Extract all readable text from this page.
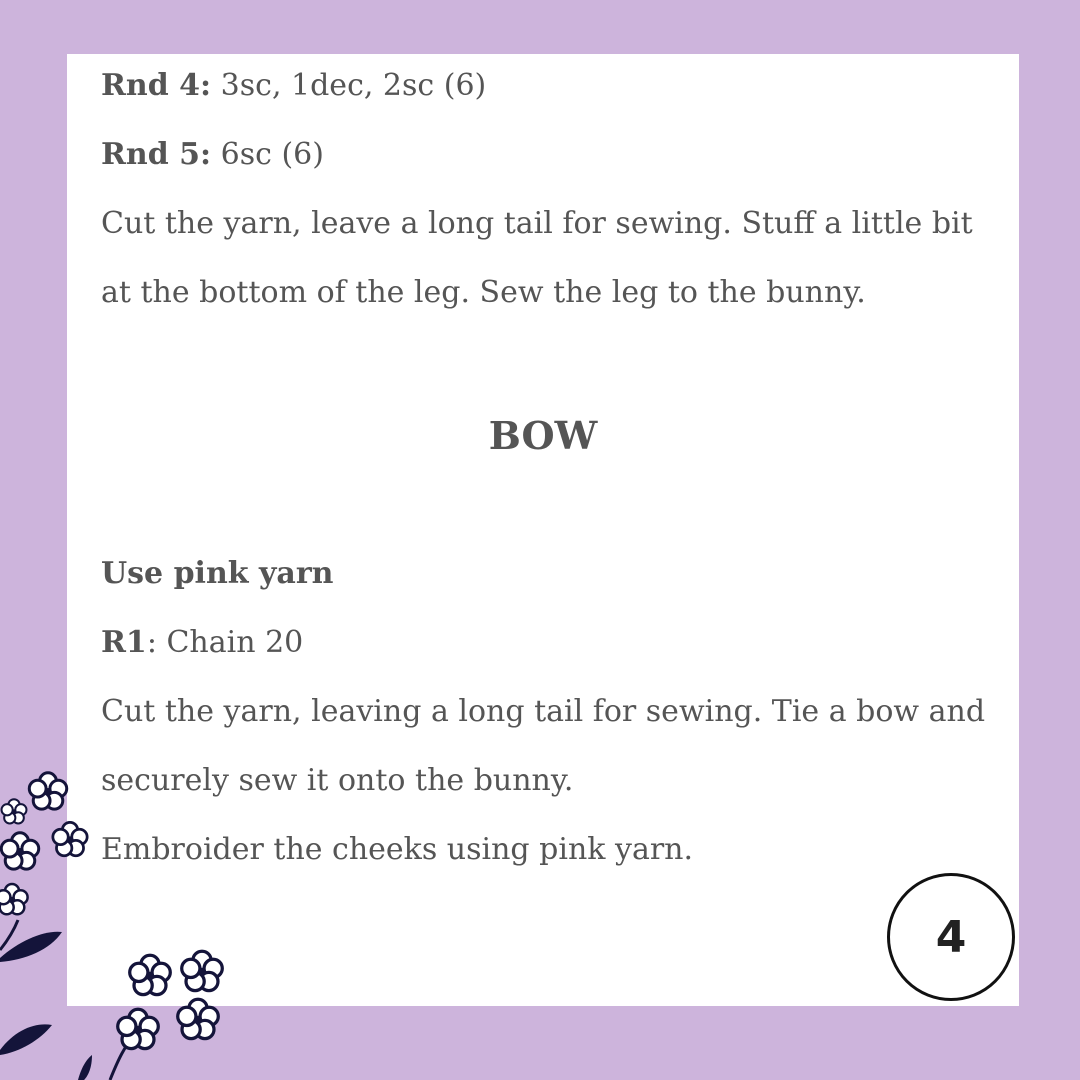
Rnd 4: 3sc, 1dec, 2sc (6)
Rnd 5: 6sc (6)
Cut the yarn, leave a long tail for sewing. Stuff a little bit
at the bottom of the leg. Sew the leg to the bunny.
BOW
Use pink yarn
R1: Chain 20
Cut the yarn, leaving a long tail for sewing. Tie a bow and
securely sew it onto the bunny.
Embroider the cheeks using pink yarn.
4
